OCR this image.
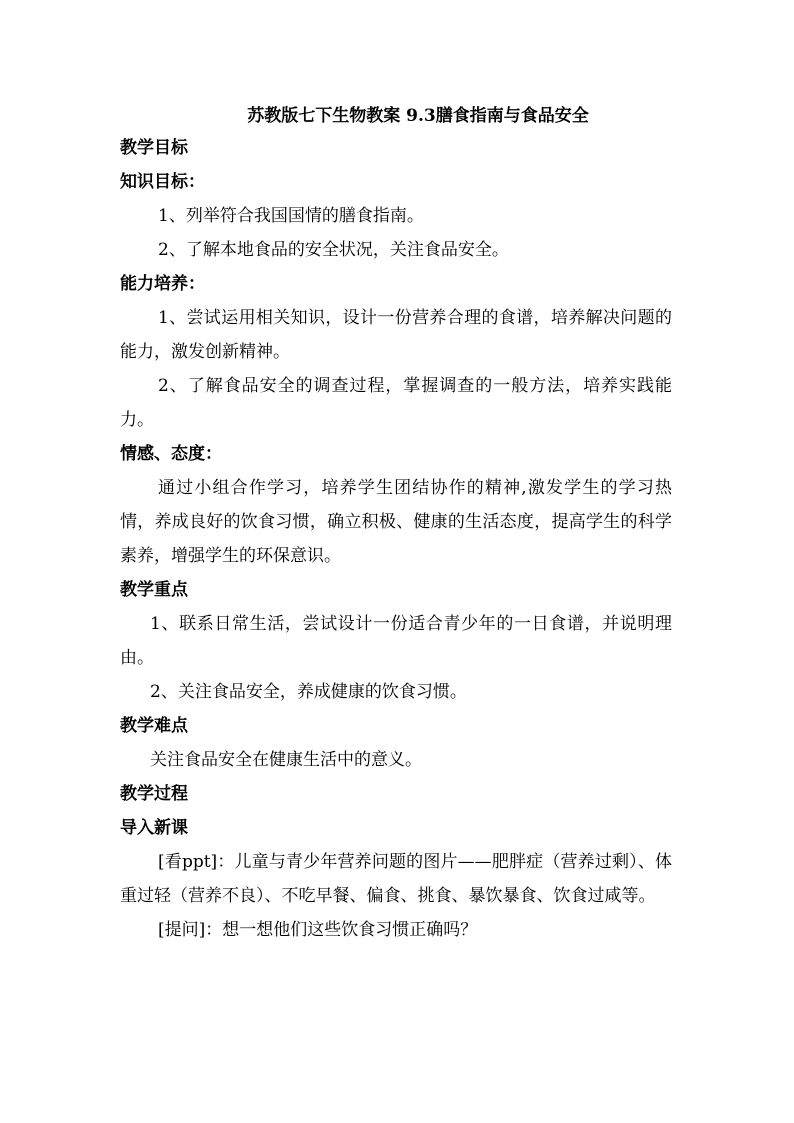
苏教版七下生物教案 9.3膳食指南与食品安全
教学目标
知识目标：
1、列举符合我国国情的膳食指南。
2、了解本地食品的安全状况，关注食品安全。
能力培养：
1、尝试运用相关知识，设计一份营养合理的食谱，培养解决问题的能力，激发创新精神。
2、了解食品安全的调查过程，掌握调查的一般方法，培养实践能力。
情感、态度：
通过小组合作学习，培养学生团结协作的精神,激发学生的学习热情，养成良好的饮食习惯，确立积极、健康的生活态度，提高学生的科学素养，增强学生的环保意识。
教学重点
1、联系日常生活，尝试设计一份适合青少年的一日食谱，并说明理由。
2、关注食品安全，养成健康的饮食习惯。
教学难点
关注食品安全在健康生活中的意义。
教学过程
导入新课
[看ppt]：儿童与青少年营养问题的图片——肥胖症（营养过剩）、体重过轻（营养不良）、不吃早餐、偏食、挑食、暴饮暴食、饮食过咸等。
[提问]：想一想他们这些饮食习惯正确吗？
